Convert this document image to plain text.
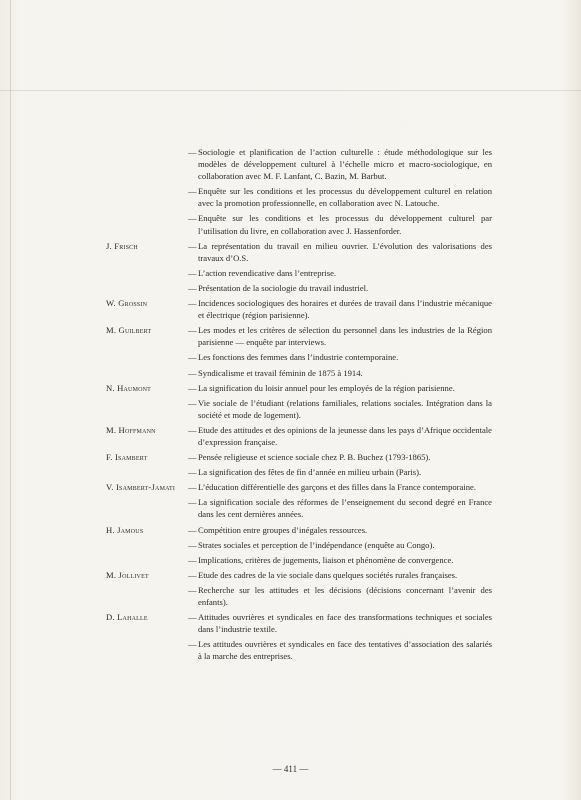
— Sociologie et planification de l’action culturelle : étude méthodologique sur les modèles de développement culturel à l’échelle micro et macro-sociologique, en collaboration avec M. F. Lanfant, C. Bazin, M. Barbut.
— Enquête sur les conditions et les processus du développement culturel en relation avec la promotion professionnelle, en collaboration avec N. Latouche.
— Enquête sur les conditions et les processus du développement culturel par l’utilisation du livre, en collaboration avec J. Hassenforder.
J. Frisch	— La représentation du travail en milieu ouvrier. L’évolution des valorisations des travaux d’O.S.
— L’action revendicative dans l’entreprise.
— Présentation de la sociologie du travail industriel.
W. Grossin	— Incidences sociologiques des horaires et durées de travail dans l’industrie mécanique et électrique (région parisienne).
M. Guilbert	— Les modes et les critères de sélection du personnel dans les industries de la Région parisienne — enquête par interviews.
— Les fonctions des femmes dans l’industrie contemporaine.
— Syndicalisme et travail féminin de 1875 à 1914.
N. Haumont	— La signification du loisir annuel pour les employés de la région parisienne.
— Vie sociale de l’étudiant (relations familiales, relations sociales. Intégration dans la société et mode de logement).
M. Hoffmann	— Etude des attitudes et des opinions de la jeunesse dans les pays d’Afrique occidentale d’expression française.
F. Isambert	— Pensée religieuse et science sociale chez P. B. Buchez (1793-1865).
— La signification des fêtes de fin d’année en milieu urbain (Paris).
V. Isambert-Jamati	— L’éducation différentielle des garçons et des filles dans la France contemporaine.
— La signification sociale des réformes de l’enseignement du second degré en France dans les cent dernières années.
H. Jamous	— Compétition entre groupes d’inégales ressources.
— Strates sociales et perception de l’indépendance (enquête au Congo).
— Implications, critères de jugements, liaison et phénomène de convergence.
M. Jollivet	— Etude des cadres de la vie sociale dans quelques sociétés rurales françaises.
— Recherche sur les attitudes et les décisions (décisions concernant l’avenir des enfants).
D. Lahalle	— Attitudes ouvrières et syndicales en face des transformations techniques et sociales dans l’industrie textile.
— Les attitudes ouvrières et syndicales en face des tentatives d’association des salariés à la marche des entreprises.
— 411 —
